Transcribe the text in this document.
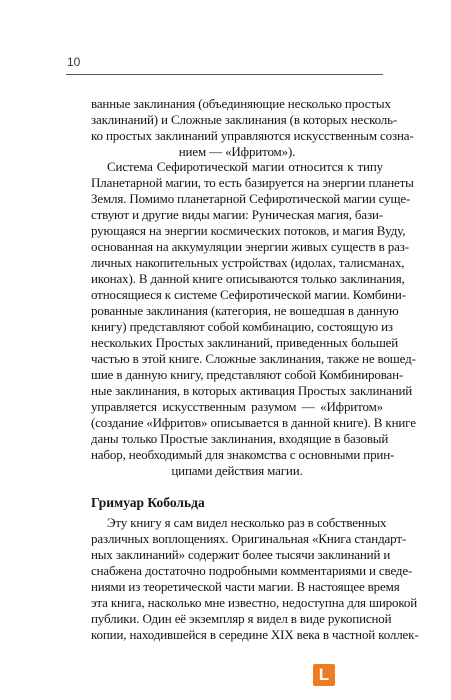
10
ванные заклинания (объединяющие несколько простых
заклинаний) и Сложные заклинания (в которых несколь-
ко простых заклинаний управляются искусственным созна-
нием — «Ифритом»).
Система Сефиротической магии относится к типу
Планетарной магии, то есть базируется на энергии планеты
Земля. Помимо планетарной Сефиротической магии суще-
ствуют и другие виды магии: Руническая магия, бази-
рующаяся на энергии космических потоков, и магия Вуду,
основанная на аккумуляции энергии живых существ в раз-
личных накопительных устройствах (идолах, талисманах,
иконах). В данной книге описываются только заклинания,
относящиеся к системе Сефиротической магии. Комбини-
рованные заклинания (категория, не вошедшая в данную
книгу) представляют собой комбинацию, состоящую из
нескольких Простых заклинаний, приведенных большей
частью в этой книге. Сложные заклинания, также не вошед-
шие в данную книгу, представляют собой Комбинирован-
ные заклинания, в которых активация Простых заклинаний
управляется искусственным разумом — «Ифритом»
(создание «Ифритов» описывается в данной книге). В книге
даны только Простые заклинания, входящие в базовый
набор, необходимый для знакомства с основными прин-
ципами действия магии.
Гримуар Кобольда
Эту книгу я сам видел несколько раз в собственных
различных воплощениях. Оригинальная «Книга стандарт-
ных заклинаний» содержит более тысячи заклинаний и
снабжена достаточно подробными комментариями и сведе-
ниями из теоретической части магии. В настоящее время
эта книга, насколько мне известно, недоступна для широкой
публики. Один её экземпляр я видел в виде рукописной
копии, находившейся в середине XIX века в частной коллек-
L
